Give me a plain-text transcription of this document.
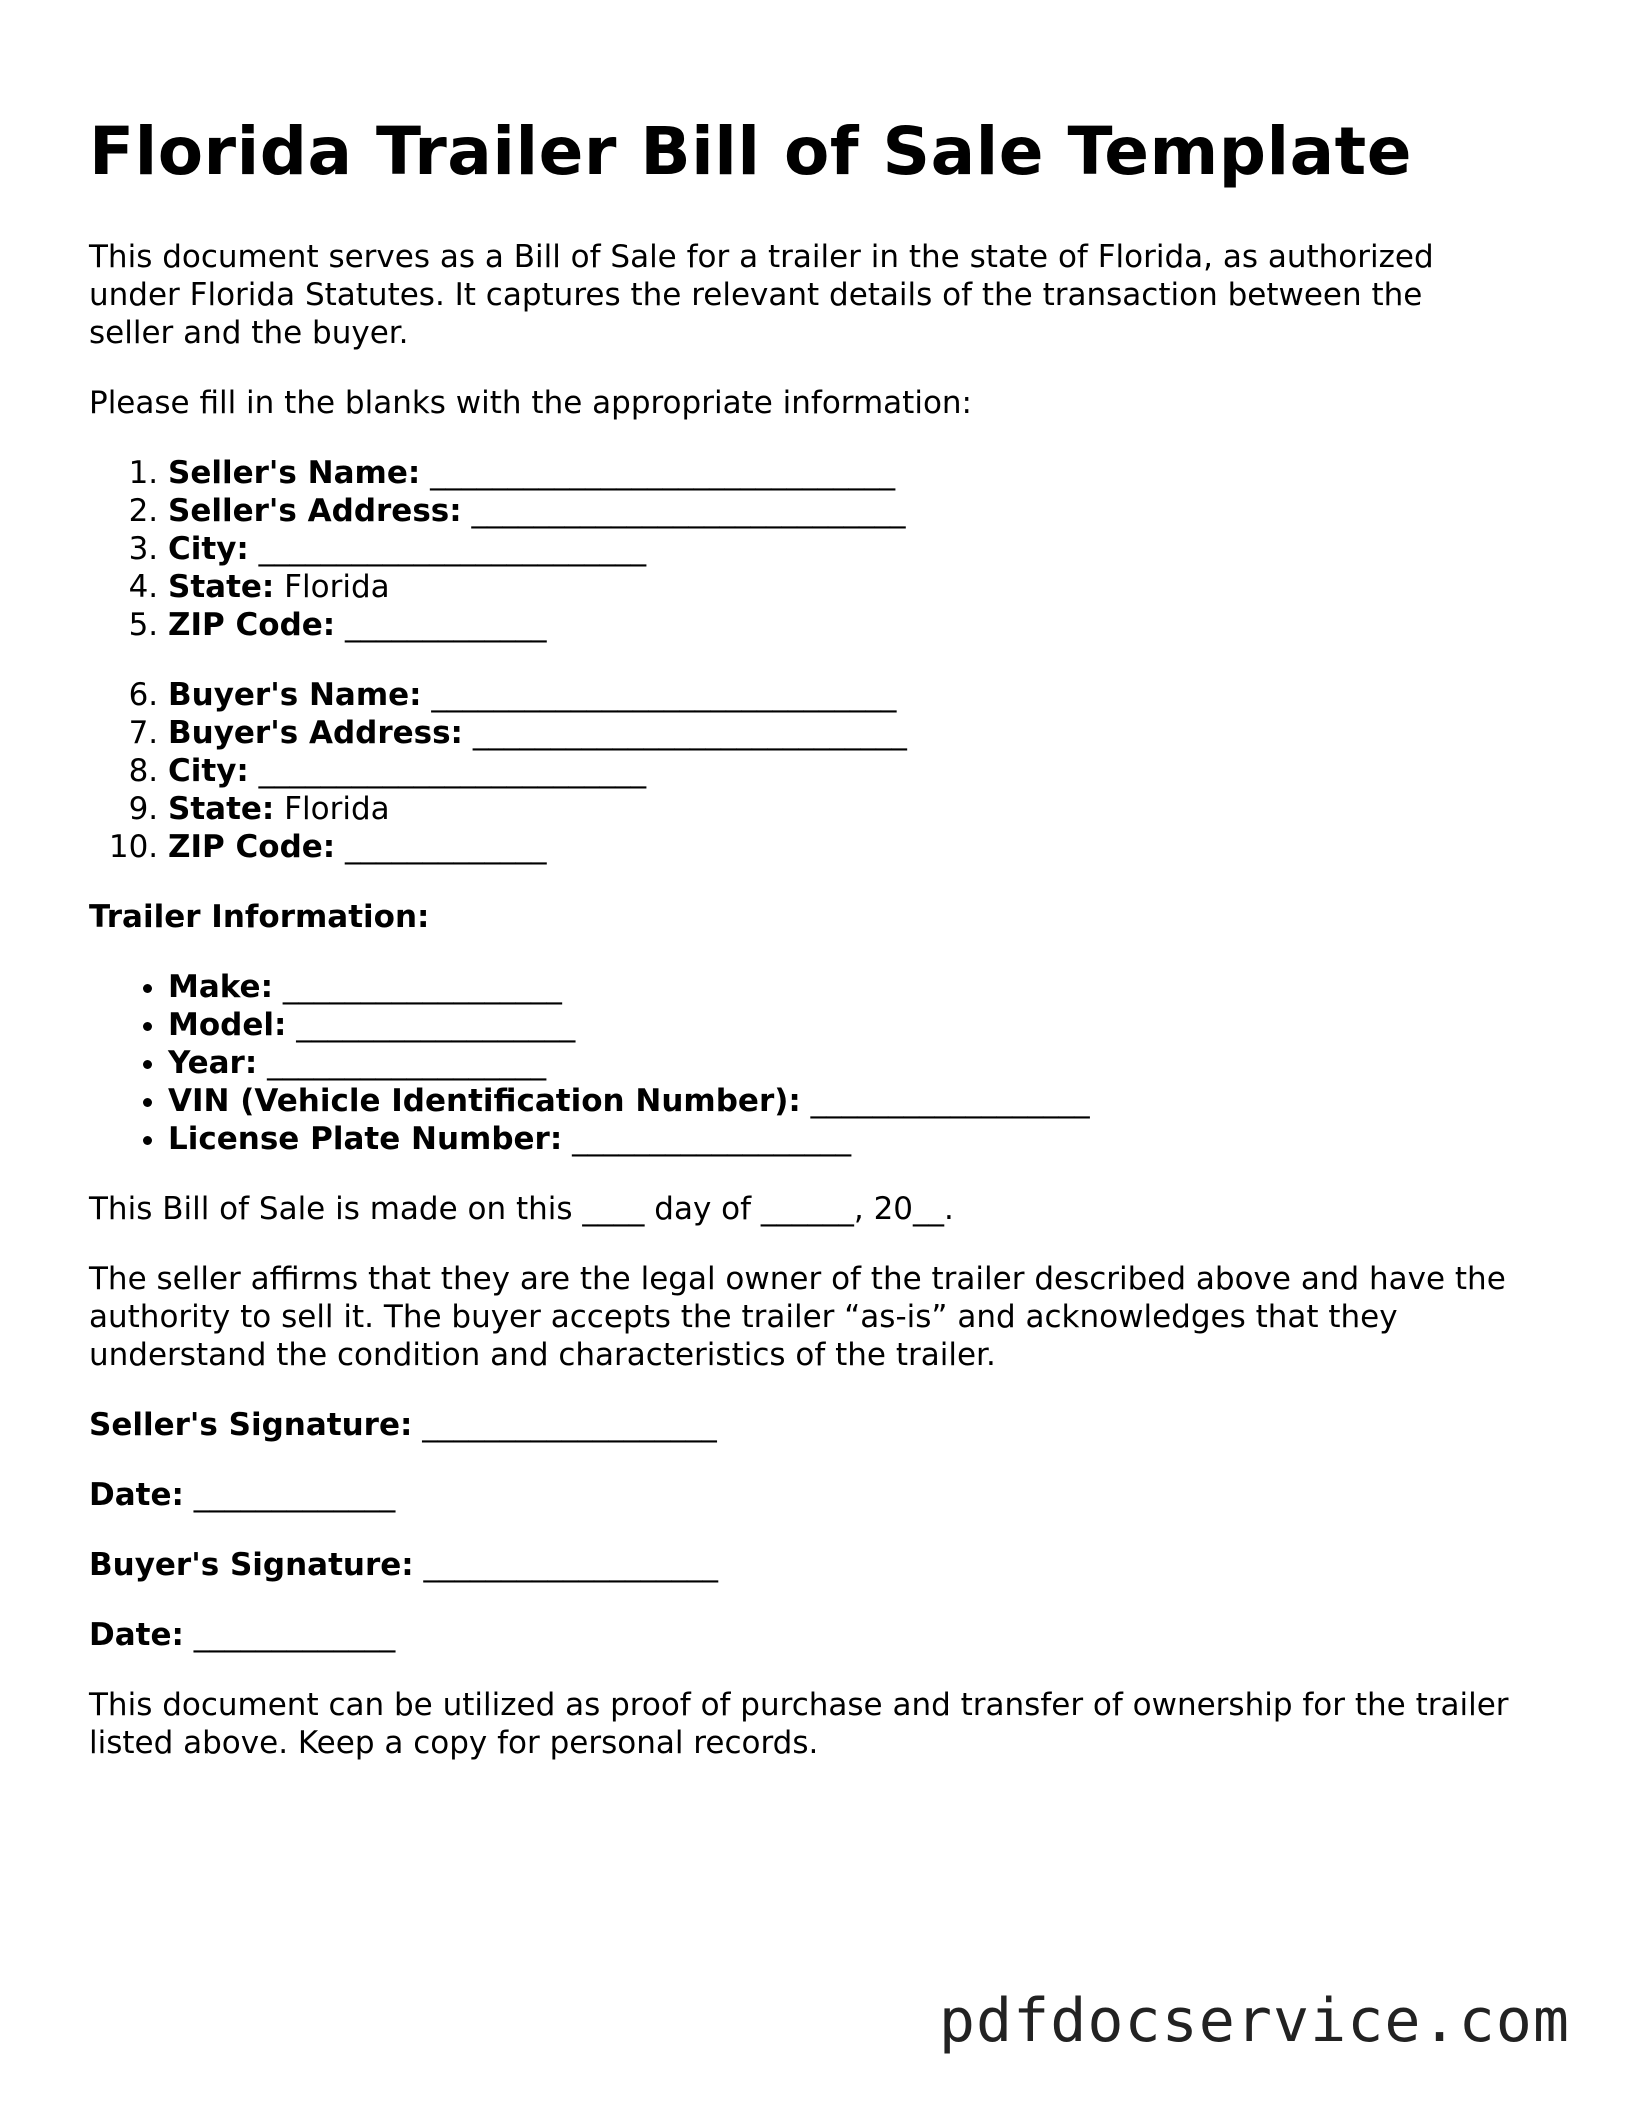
Florida Trailer Bill of Sale Template

This document serves as a Bill of Sale for a trailer in the state of Florida, as authorized under Florida Statutes. It captures the relevant details of the transaction between the seller and the buyer.

Please fill in the blanks with the appropriate information:

1. Seller's Name: ______________________________
2. Seller's Address: ____________________________
3. City: _________________________
4. State: Florida
5. ZIP Code: _____________
6. Buyer's Name: ______________________________
7. Buyer's Address: ____________________________
8. City: _________________________
9. State: Florida
10. ZIP Code: _____________
Trailer Information:
• Make: __________________
• Model: __________________
• Year: __________________
• VIN (Vehicle Identification Number): __________________
• License Plate Number: __________________

This Bill of Sale is made on this ____ day of ______, 20__.

The seller affirms that they are the legal owner of the trailer described above and have the authority to sell it. The buyer accepts the trailer “as-is” and acknowledges that they understand the condition and characteristics of the trailer.

Seller's Signature: ___________________
Date: _____________
Buyer's Signature: ___________________
Date: _____________

This document can be utilized as proof of purchase and transfer of ownership for the trailer listed above. Keep a copy for personal records.

pdfdocservice.com
